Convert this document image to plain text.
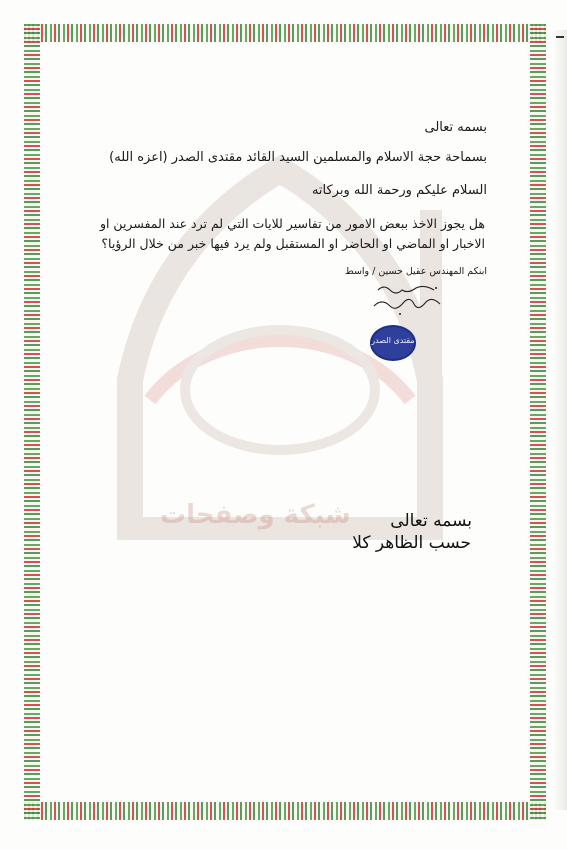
شبكة وصفحات
بسمه تعالى
بسماحة حجة الاسلام والمسلمين السيد القائد مقتدى الصدر (اعزه الله)
السلام عليكم ورحمة الله وبركاته
هل يجوز الاخذ ببعض الامور من تفاسير للايات التي لم ترد عند المفسرين او
الاخبار او الماضي او الحاضر او المستقبل ولم يرد فيها خبر من خلال الرؤيا؟
ابنكم المهندس عقيل حسين / واسط
مقتدى الصدر
بسمه تعالى
حسب الظاهر كلا
